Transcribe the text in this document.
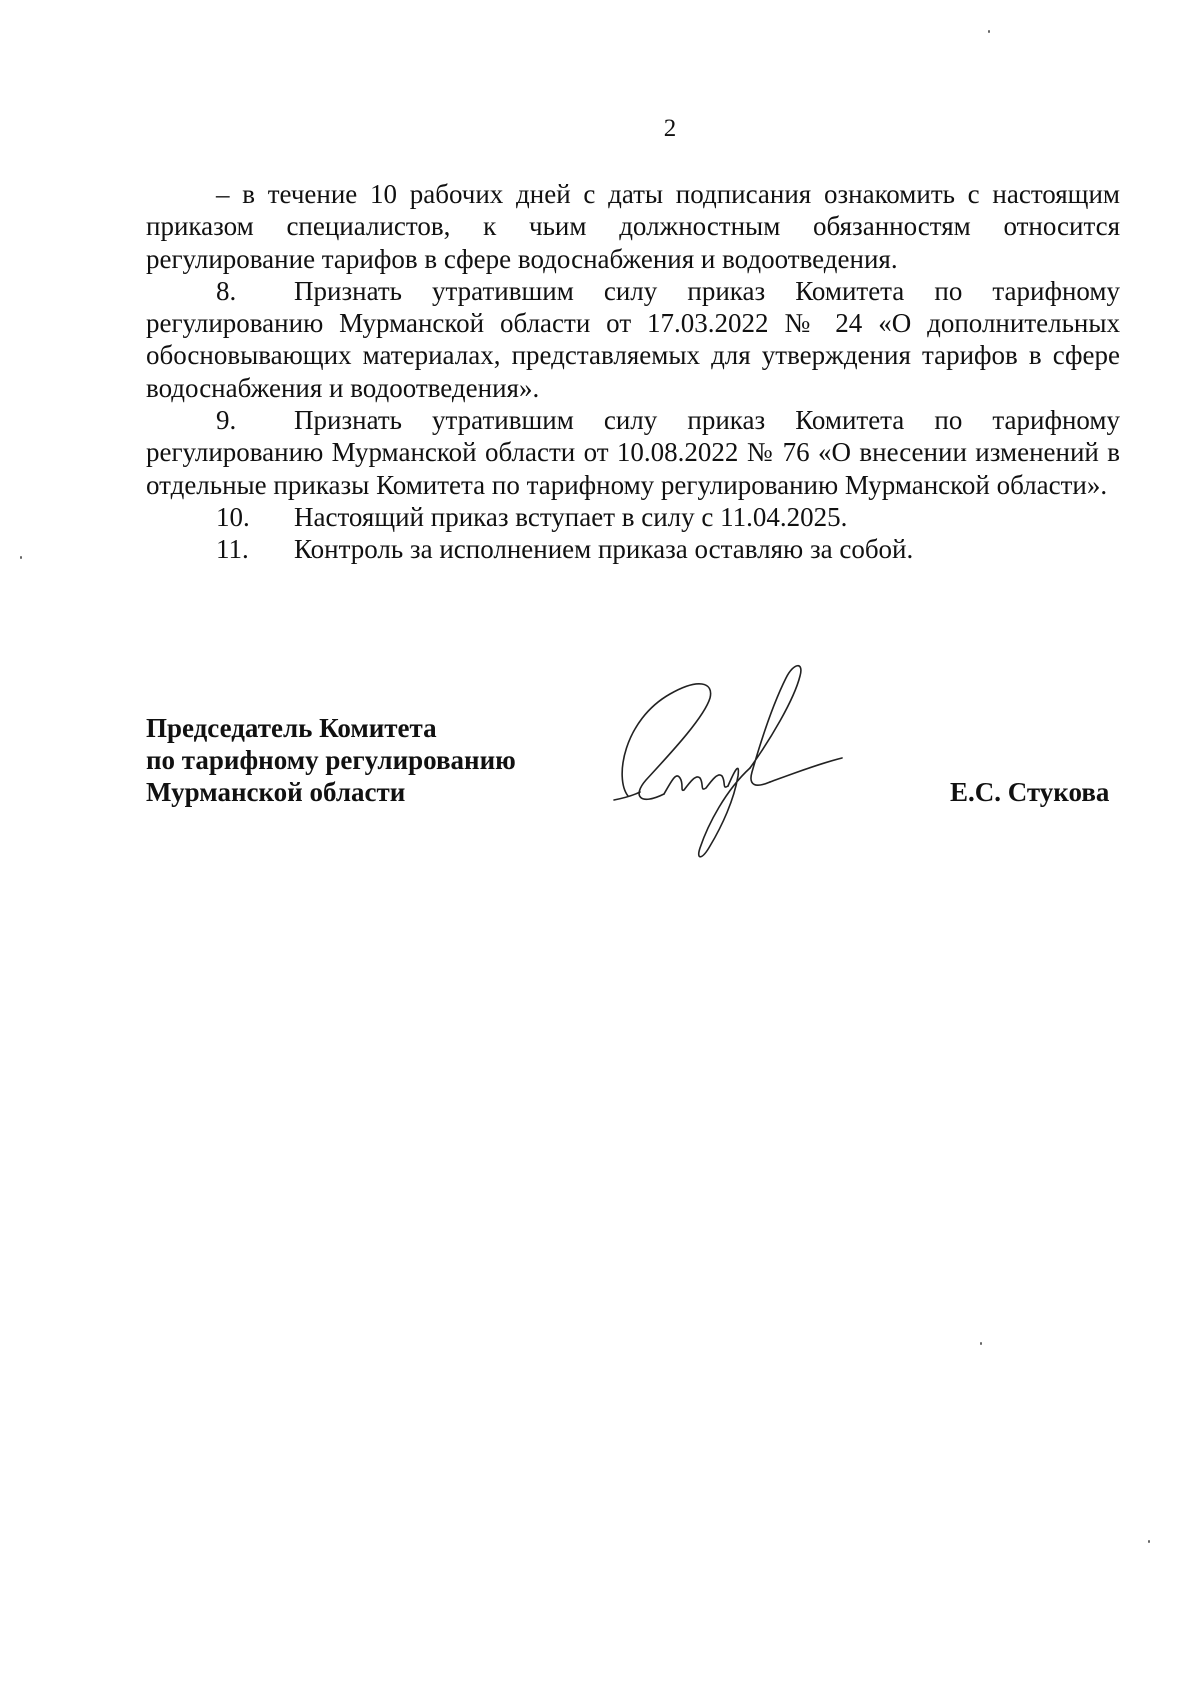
2

– в течение 10 рабочих дней с даты подписания ознакомить с настоящим приказом специалистов, к чьим должностным обязанностям относится регулирование тарифов в сфере водоснабжения и водоотведения.

8. Признать утратившим силу приказ Комитета по тарифному регулированию Мурманской области от 17.03.2022 № 24 «О дополнительных обосновывающих материалах, представляемых для утверждения тарифов в сфере водоснабжения и водоотведения».

9. Признать утратившим силу приказ Комитета по тарифному регулированию Мурманской области от 10.08.2022 № 76 «О внесении изменений в отдельные приказы Комитета по тарифному регулированию Мурманской области».

10. Настоящий приказ вступает в силу с 11.04.2025.

11. Контроль за исполнением приказа оставляю за собой.

Председатель Комитета
по тарифному регулированию
Мурманской области	Е.С. Стукова
